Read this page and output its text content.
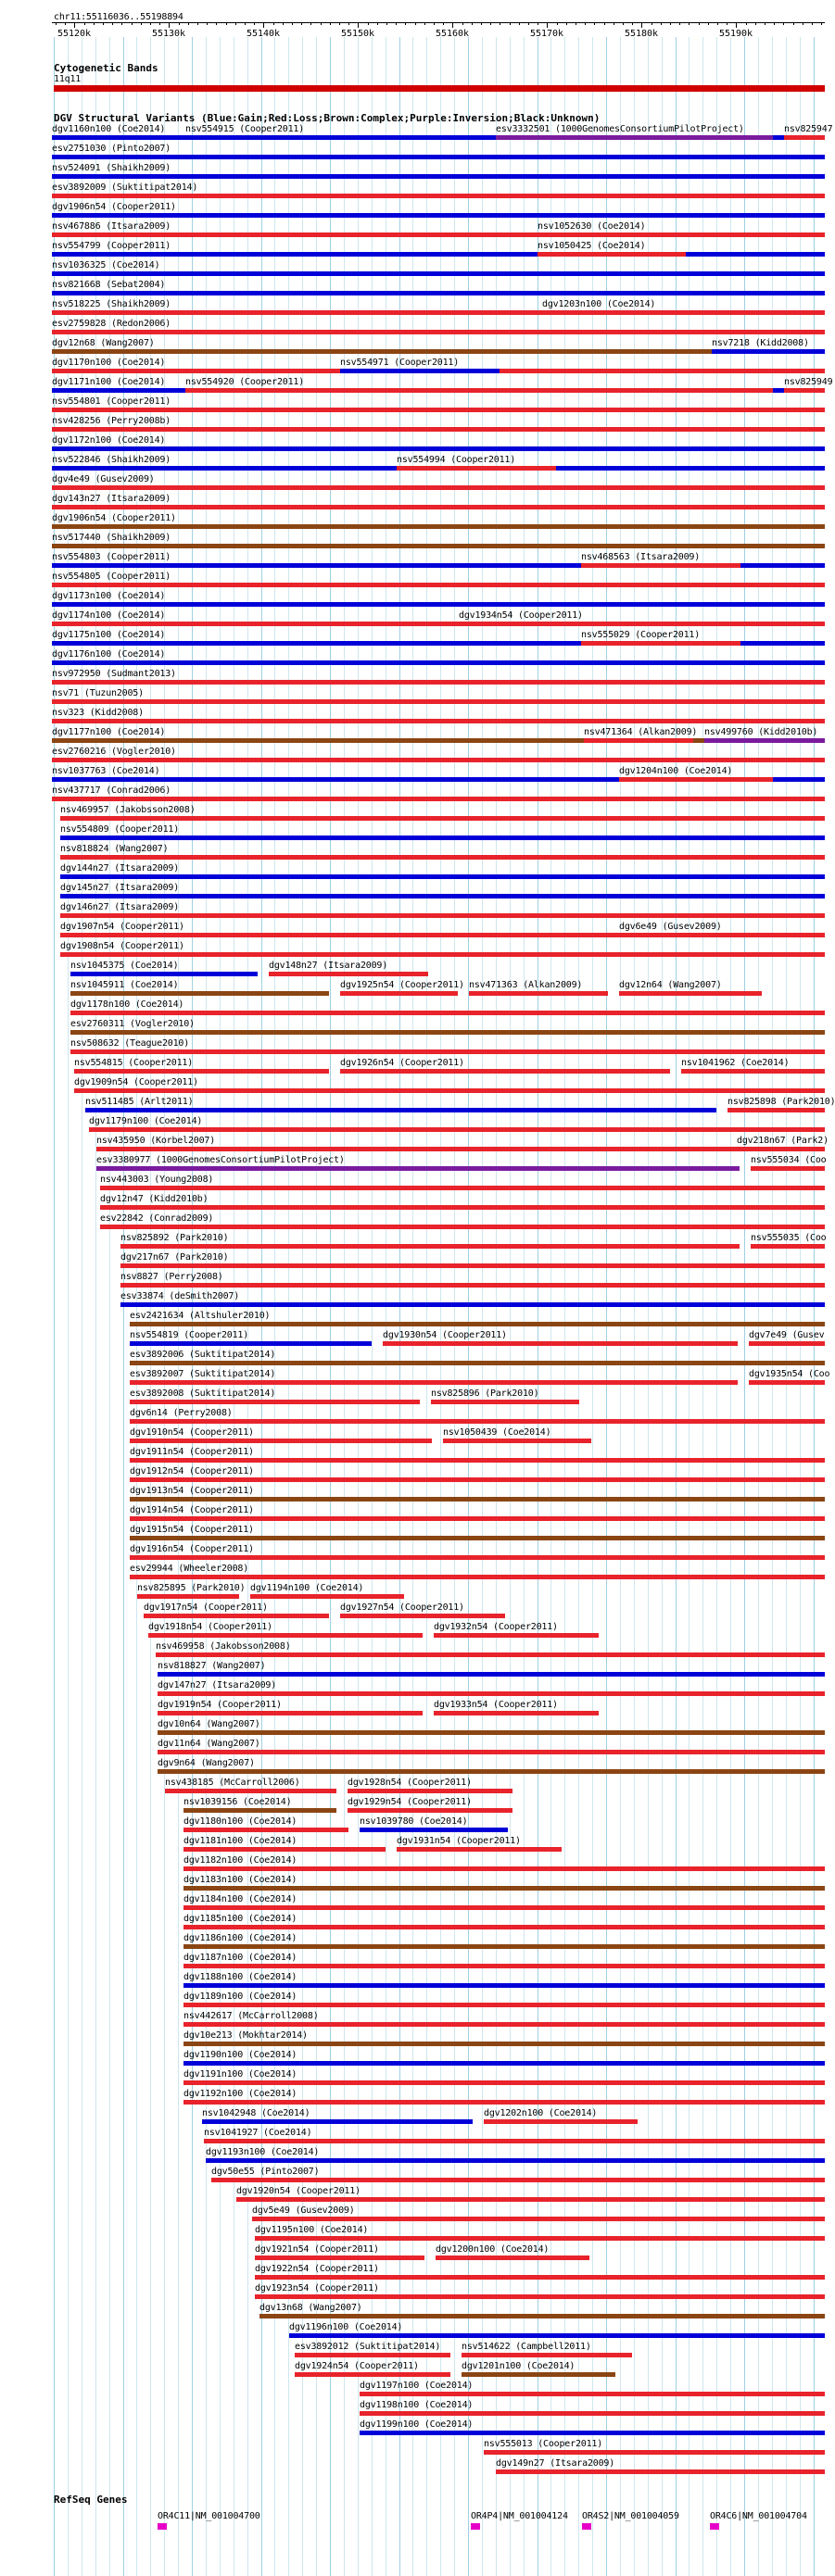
chr11:55116036..55198894
55120k	55130k	55140k	55150k	55160k	55170k	55180k	55190k
Cytogenetic Bands
11q11
DGV Structural Variants (Blue:Gain;Red:Loss;Brown:Complex;Purple:Inversion;Black:Unknown)
dgv1160n100 (Coe2014) nsv554915 (Cooper2011)	esv3332501 (1000GenomesConsortiumPilotProject)	nsv825947
esv2751030 (Pinto2007)
nsv524091 (Shaikh2009)
esv3892009 (Suktitipat2014)
dgv1906n54 (Cooper2011)
nsv467886 (Itsara2009)	nsv1052630 (Coe2014)
nsv554799 (Cooper2011)	nsv1050425 (Coe2014)
nsv1036325 (Coe2014)
nsv821668 (Sebat2004)
nsv518225 (Shaikh2009)	dgv1203n100 (Coe2014)
esv2759828 (Redon2006)
dgv12n68 (Wang2007)	nsv7218 (Kidd2008)
dgv1170n100 (Coe2014)	nsv554971 (Cooper2011)
dgv1171n100 (Coe2014) nsv554920 (Cooper2011)	nsv825949
nsv554801 (Cooper2011)
nsv428256 (Perry2008b)
dgv1172n100 (Coe2014)
nsv522846 (Shaikh2009)	nsv554994 (Cooper2011)
dgv4e49 (Gusev2009)
dgv143n27 (Itsara2009)
dgv1906n54 (Cooper2011)
nsv517440 (Shaikh2009)
nsv554803 (Cooper2011)	nsv468563 (Itsara2009)
nsv554805 (Cooper2011)
dgv1173n100 (Coe2014)
dgv1174n100 (Coe2014)	dgv1934n54 (Cooper2011)
dgv1175n100 (Coe2014)	nsv555029 (Cooper2011)
dgv1176n100 (Coe2014)
nsv972950 (Sudmant2013)
nsv71 (Tuzun2005)
nsv323 (Kidd2008)
dgv1177n100 (Coe2014)	nsv471364 (Alkan2009) nsv499760 (Kidd2010b)
esv2760216 (Vogler2010)
nsv1037763 (Coe2014)	dgv1204n100 (Coe2014)
nsv437717 (Conrad2006)
nsv469957 (Jakobsson2008)
nsv554809 (Cooper2011)
nsv818824 (Wang2007)
dgv144n27 (Itsara2009)
dgv145n27 (Itsara2009)
dgv146n27 (Itsara2009)
dgv1907n54 (Cooper2011)	dgv6e49 (Gusev2009)
dgv1908n54 (Cooper2011)
nsv1045375 (Coe2014)	dgv148n27 (Itsara2009)
nsv1045911 (Coe2014)	dgv1925n54 (Cooper2011) nsv471363 (Alkan2009)	dgv12n64 (Wang2007)
dgv1178n100 (Coe2014)
esv2760311 (Vogler2010)
nsv508632 (Teague2010)
nsv554815 (Cooper2011)	dgv1926n54 (Cooper2011)	nsv1041962 (Coe2014)
dgv1909n54 (Cooper2011)
nsv511485 (Arlt2011)	nsv825898 (Park2010)
dgv1179n100 (Coe2014)
nsv435950 (Korbel2007)	dgv218n67 (Park2)
esv3380977 (1000GenomesConsortiumPilotProject)	nsv555034 (Coo
nsv443003 (Young2008)
dgv12n47 (Kidd2010b)
esv22842 (Conrad2009)
nsv825892 (Park2010)	nsv555035 (Coo
dgv217n67 (Park2010)
nsv8827 (Perry2008)
esv33874 (deSmith2007)
esv2421634 (Altshuler2010)
nsv554819 (Cooper2011)	dgv1930n54 (Cooper2011)	dgv7e49 (Gusev
esv3892006 (Suktitipat2014)
esv3892007 (Suktitipat2014)	dgv1935n54 (Coo
esv3892008 (Suktitipat2014)	nsv825896 (Park2010)
dgv6n14 (Perry2008)
dgv1910n54 (Cooper2011)	nsv1050439 (Coe2014)
dgv1911n54 (Cooper2011)
dgv1912n54 (Cooper2011)
dgv1913n54 (Cooper2011)
dgv1914n54 (Cooper2011)
dgv1915n54 (Cooper2011)
dgv1916n54 (Cooper2011)
esv29944 (Wheeler2008)
nsv825895 (Park2010) dgv1194n100 (Coe2014)
dgv1917n54 (Cooper2011)	dgv1927n54 (Cooper2011)
dgv1918n54 (Cooper2011)	dgv1932n54 (Cooper2011)
nsv469958 (Jakobsson2008)
nsv818827 (Wang2007)
dgv147n27 (Itsara2009)
dgv1919n54 (Cooper2011)	dgv1933n54 (Cooper2011)
dgv10n64 (Wang2007)
dgv11n64 (Wang2007)
dgv9n64 (Wang2007)
nsv438185 (McCarroll2006)	dgv1928n54 (Cooper2011)
nsv1039156 (Coe2014)	dgv1929n54 (Cooper2011)
dgv1180n100 (Coe2014)	nsv1039780 (Coe2014)
dgv1181n100 (Coe2014)	dgv1931n54 (Cooper2011)
dgv1182n100 (Coe2014)
dgv1183n100 (Coe2014)
dgv1184n100 (Coe2014)
dgv1185n100 (Coe2014)
dgv1186n100 (Coe2014)
dgv1187n100 (Coe2014)
dgv1188n100 (Coe2014)
dgv1189n100 (Coe2014)
nsv442617 (McCarroll2008)
dgv10e213 (Mokhtar2014)
dgv1190n100 (Coe2014)
dgv1191n100 (Coe2014)
dgv1192n100 (Coe2014)
nsv1042948 (Coe2014)	dgv1202n100 (Coe2014)
nsv1041927 (Coe2014)
dgv1193n100 (Coe2014)
dgv50e55 (Pinto2007)
dgv1920n54 (Cooper2011)
dgv5e49 (Gusev2009)
dgv1195n100 (Coe2014)
dgv1921n54 (Cooper2011)	dgv1200n100 (Coe2014)
dgv1922n54 (Cooper2011)
dgv1923n54 (Cooper2011)
dgv13n68 (Wang2007)
dgv1196n100 (Coe2014)
esv3892012 (Suktitipat2014) nsv514622 (Campbell2011)
dgv1924n54 (Cooper2011)	dgv1201n100 (Coe2014)
dgv1197n100 (Coe2014)
dgv1198n100 (Coe2014)
dgv1199n100 (Coe2014)
nsv555013 (Cooper2011)
dgv149n27 (Itsara2009)
RefSeq Genes
OR4C11|NM_001004700	OR4P4|NM_001004124 OR4S2|NM_001004059	OR4C6|NM_001004704
